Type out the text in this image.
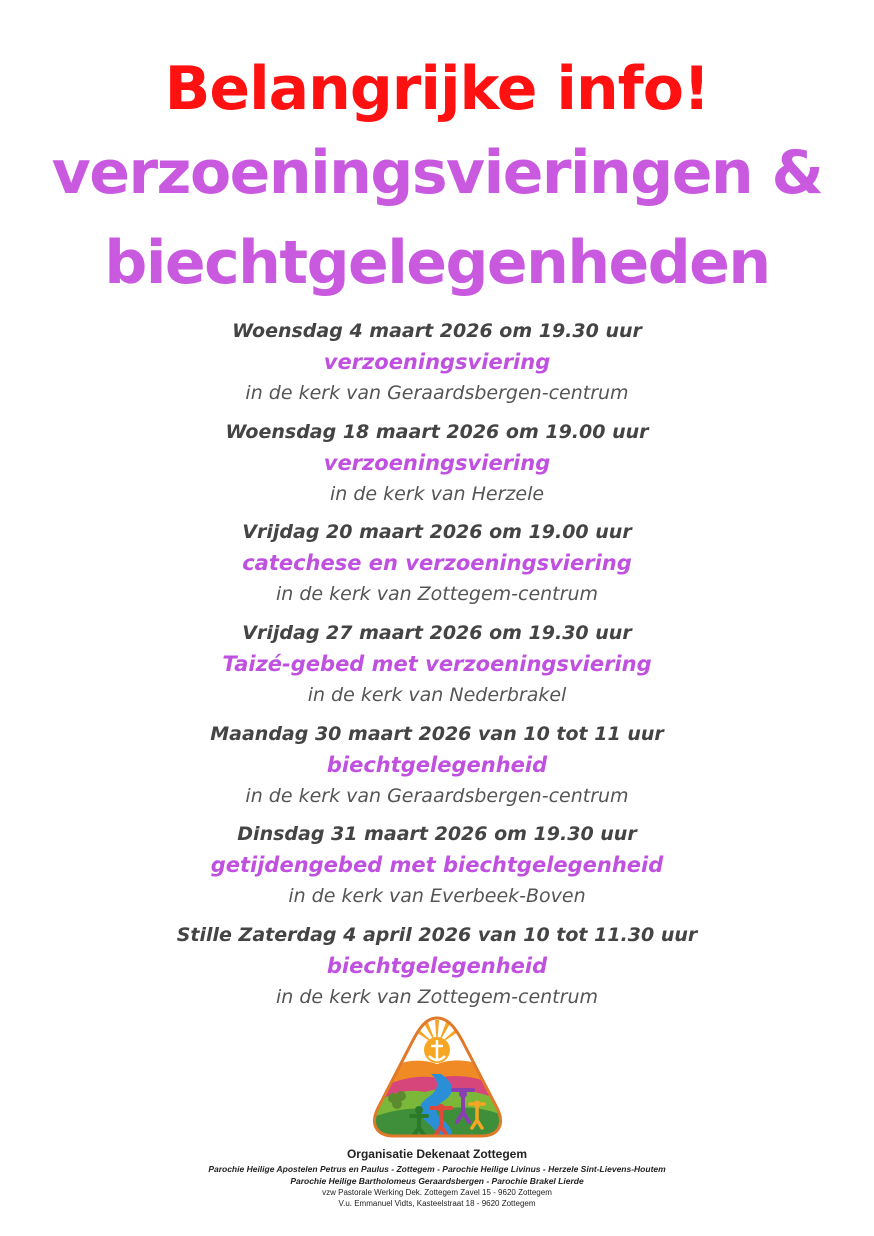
Belangrijke info!
verzoeningsvieringen &
biechtgelegenheden
Woensdag 4 maart 2026 om 19.30 uur
verzoeningsviering
in de kerk van Geraardsbergen-centrum
Woensdag 18 maart 2026 om 19.00 uur
verzoeningsviering
in de kerk van Herzele
Vrijdag 20 maart 2026 om 19.00 uur
catechese en verzoeningsviering
in de kerk van Zottegem-centrum
Vrijdag 27 maart 2026 om 19.30 uur
Taizé-gebed met verzoeningsviering
in de kerk van Nederbrakel
Maandag 30 maart 2026 van 10 tot 11 uur
biechtgelegenheid
in de kerk van Geraardsbergen-centrum
Dinsdag 31 maart 2026 om 19.30 uur
getijdengebed met biechtgelegenheid
in de kerk van Everbeek-Boven
Stille Zaterdag 4 april 2026 van 10 tot 11.30 uur
biechtgelegenheid
in de kerk van Zottegem-centrum
Organisatie Dekenaat Zottegem
Parochie Heilige Apostelen Petrus en Paulus - Zottegem - Parochie Heilige Livinus - Herzele Sint-Lievens-Houtem
Parochie Heilige Bartholomeus Geraardsbergen - Parochie Brakel Lierde
vzw Pastorale Werking Dek. Zottegem Zavel 15 - 9620 Zottegem
V.u. Emmanuel Vidts, Kasteelstraat 18 - 9620 Zottegem
